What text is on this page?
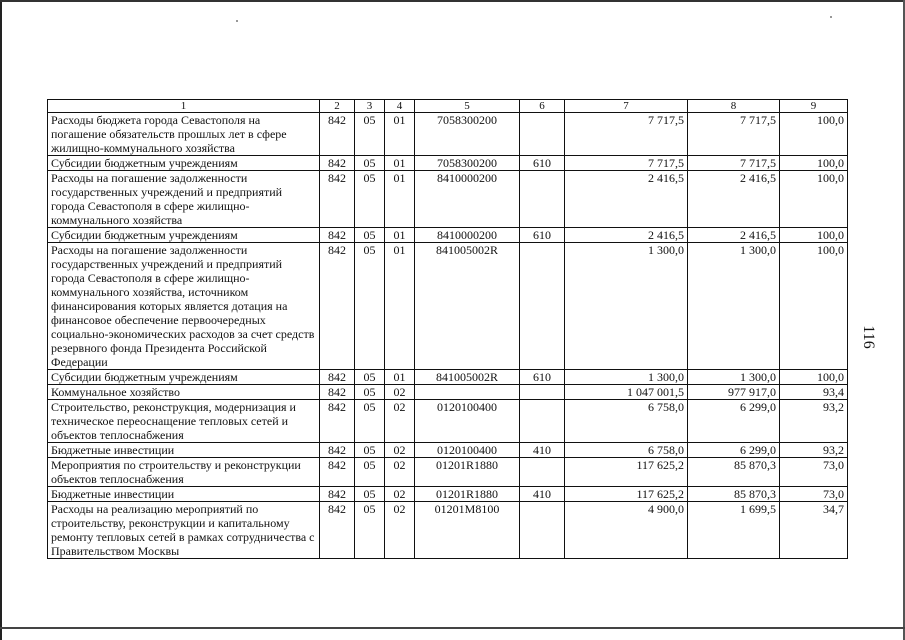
116
1	2	3	4	5	6	7	8	9
Расходы бюджета города Севастополя на погашение обязательств прошлых лет в сфере жилищно-коммунального хозяйства	842	05	01	7058300200		7 717,5	7 717,5	100,0
Субсидии бюджетным учреждениям	842	05	01	7058300200	610	7 717,5	7 717,5	100,0
Расходы на погашение задолженности государственных учреждений и предприятий города Севастополя в сфере жилищно-коммунального хозяйства	842	05	01	8410000200		2 416,5	2 416,5	100,0
Субсидии бюджетным учреждениям	842	05	01	8410000200	610	2 416,5	2 416,5	100,0
Расходы на погашение задолженности государственных учреждений и предприятий города Севастополя в сфере жилищно-коммунального хозяйства, источником финансирования которых является дотация на финансовое обеспечение первоочередных социально-экономических расходов за счет средств резервного фонда Президента Российской Федерации	842	05	01	841005002R		1 300,0	1 300,0	100,0
Субсидии бюджетным учреждениям	842	05	01	841005002R	610	1 300,0	1 300,0	100,0
Коммунальное хозяйство	842	05	02			1 047 001,5	977 917,0	93,4
Строительство, реконструкция, модернизация и техническое переоснащение тепловых сетей и объектов теплоснабжения	842	05	02	0120100400		6 758,0	6 299,0	93,2
Бюджетные инвестиции	842	05	02	0120100400	410	6 758,0	6 299,0	93,2
Мероприятия по строительству и реконструкции объектов теплоснабжения	842	05	02	01201R1880		117 625,2	85 870,3	73,0
Бюджетные инвестиции	842	05	02	01201R1880	410	117 625,2	85 870,3	73,0
Расходы на реализацию мероприятий по строительству, реконструкции и капитальному ремонту тепловых сетей в рамках сотрудничества с Правительством Москвы	842	05	02	01201M8100		4 900,0	1 699,5	34,7
